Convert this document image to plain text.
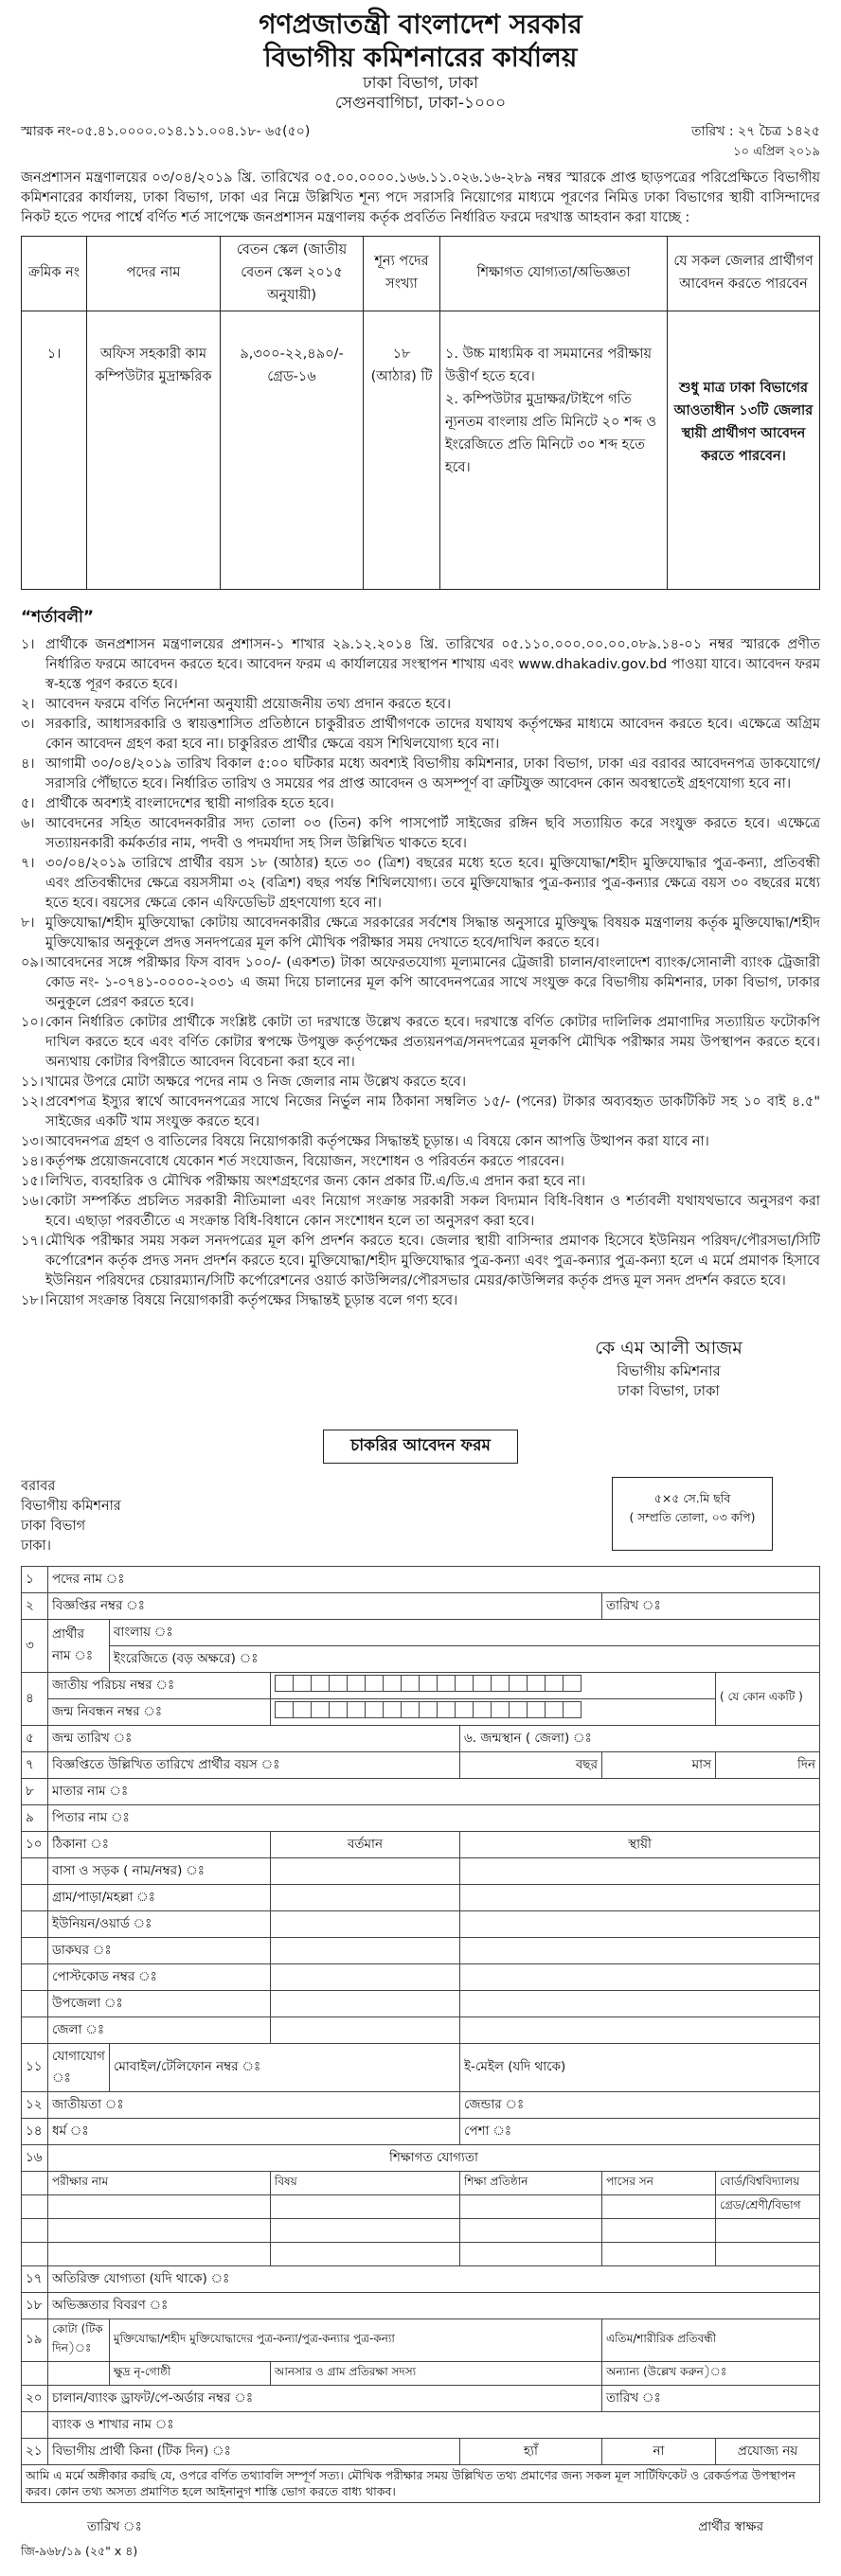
গণপ্রজাতন্ত্রী বাংলাদেশ সরকার
বিভাগীয় কমিশনারের কার্যালয়
ঢাকা বিভাগ, ঢাকা
সেগুনবাগিচা, ঢাকা-১০০০
স্মারক নং-০৫.৪১.০০০০.০১৪.১১.০০৪.১৮- ৬৫(৫০)	তারিখ : ২৭ চৈত্র ১৪২৫
১০ এপ্রিল ২০১৯
জনপ্রশাসন মন্ত্রণালয়ের ০৩/০৪/২০১৯ খ্রি. তারিখের ০৫.০০.০০০০.১৬৬.১১.০২৬.১৬-২৮৯ নম্বর স্মারকে প্রাপ্ত ছাড়পত্রের পরিপ্রেক্ষিতে বিভাগীয় কমিশনারের কার্যালয়, ঢাকা বিভাগ, ঢাকা এর নিম্নে উল্লিখিত শূন্য পদে সরাসরি নিয়োগের মাধ্যমে পূরণের নিমিত্ত ঢাকা বিভাগের স্থায়ী বাসিন্দাদের নিকট হতে পদের পার্শ্বে বর্ণিত শর্ত সাপেক্ষে জনপ্রশাসন মন্ত্রণালয় কর্তৃক প্রবর্তিত নির্ধারিত ফরমে দরখাস্ত আহবান করা যাচ্ছে :
ক্রমিক নং	পদের নাম	বেতন স্কেল (জাতীয় বেতন স্কেল ২০১৫ অনুযায়ী)	শূন্য পদের সংখ্যা	শিক্ষাগত যোগ্যতা/অভিজ্ঞতা	যে সকল জেলার প্রার্থীগণ আবেদন করতে পারবেন
১।	অফিস সহকারী কাম কম্পিউটার মুদ্রাক্ষরিক	৯,৩০০-২২,৪৯০/- গ্রেড-১৬	১৮ (আঠার) টি	১. উচ্চ মাধ্যমিক বা সমমানের পরীক্ষায় উত্তীর্ণ হতে হবে।
২. কম্পিউটার মুদ্রাক্ষর/টাইপে গতি ন্যূনতম বাংলায় প্রতি মিনিটে ২০ শব্দ ও ইংরেজিতে প্রতি মিনিটে ৩০ শব্দ হতে হবে।	শুধু মাত্র ঢাকা বিভাগের আওতাধীন ১৩টি জেলার স্থায়ী প্রার্থীগণ আবেদন করতে পারবেন।
“শর্তাবলী”
১। প্রার্থীকে জনপ্রশাসন মন্ত্রণালয়ের প্রশাসন-১ শাখার ২৯.১২.২০১৪ খ্রি. তারিখের ০৫.১১০.০০০.০০.০০.০৮৯.১৪-০১ নম্বর স্মারকে প্রণীত নির্ধারিত ফরমে আবেদন করতে হবে। আবেদন ফরম এ কার্যালয়ের সংস্থাপন শাখায় এবং www.dhakadiv.gov.bd পাওয়া যাবে। আবেদন ফরম স্ব-হস্তে পূরণ করতে হবে।
২। আবেদন ফরমে বর্ণিত নির্দেশনা অনুযায়ী প্রয়োজনীয় তথ্য প্রদান করতে হবে।
৩। সরকারি, আধাসরকারি ও স্বায়ত্তশাসিত প্রতিষ্ঠানে চাকুরীরত প্রার্থীগণকে তাদের যথাযথ কর্তৃপক্ষের মাধ্যমে আবেদন করতে হবে। এক্ষেত্রে অগ্রিম কোন আবেদন গ্রহণ করা হবে না। চাকুরিরত প্রার্থীর ক্ষেত্রে বয়স শিথিলযোগ্য হবে না।
৪। আগামী ৩০/০৪/২০১৯ তারিখ বিকাল ৫:০০ ঘটিকার মধ্যে অবশ্যই বিভাগীয় কমিশনার, ঢাকা বিভাগ, ঢাকা এর বরাবর আবেদনপত্র ডাকযোগে/সরাসরি পৌঁছাতে হবে। নির্ধারিত তারিখ ও সময়ের পর প্রাপ্ত আবেদন ও অসম্পূর্ণ বা ত্রুটিযুক্ত আবেদন কোন অবস্থাতেই গ্রহণযোগ্য হবে না।
৫। প্রার্থীকে অবশ্যই বাংলাদেশের স্থায়ী নাগরিক হতে হবে।
৬। আবেদনের সহিত আবেদনকারীর সদ্য তোলা ০৩ (তিন) কপি পাসপোর্ট সাইজের রঙ্গিন ছবি সত্যায়িত করে সংযুক্ত করতে হবে। এক্ষেত্রে সত্যায়নকারী কর্মকর্তার নাম, পদবী ও পদমর্যাদা সহ সিল উল্লিখিত থাকতে হবে।
৭। ৩০/০৪/২০১৯ তারিখে প্রার্থীর বয়স ১৮ (আঠার) হতে ৩০ (ত্রিশ) বছরের মধ্যে হতে হবে। মুক্তিযোদ্ধা/শহীদ মুক্তিযোদ্ধার পুত্র-কন্যা, প্রতিবন্ধী এবং প্রতিবন্ধীদের ক্ষেত্রে বয়সসীমা ৩২ (বত্রিশ) বছর পর্যন্ত শিথিলযোগ্য। তবে মুক্তিযোদ্ধার পুত্র-কন্যার পুত্র-কন্যার ক্ষেত্রে বয়স ৩০ বছরের মধ্যে হতে হবে। বয়সের ক্ষেত্রে কোন এফিডেভিট গ্রহণযোগ্য হবে না।
৮। মুক্তিযোদ্ধা/শহীদ মুক্তিযোদ্ধা কোটায় আবেদনকারীর ক্ষেত্রে সরকারের সর্বশেষ সিদ্ধান্ত অনুসারে মুক্তিযুদ্ধ বিষয়ক মন্ত্রণালয় কর্তৃক মুক্তিযোদ্ধা/শহীদ মুক্তিযোদ্ধার অনুকূলে প্রদত্ত সনদপত্রের মূল কপি মৌখিক পরীক্ষার সময় দেখাতে হবে/দাখিল করতে হবে।
০৯। আবেদনের সঙ্গে পরীক্ষার ফিস বাবদ ১০০/- (একশত) টাকা অফেরতযোগ্য মূল্যমানের ট্রেজারী চালান/বাংলাদেশ ব্যাংক/সোনালী ব্যাংক ট্রেজারী কোড নং- ১-০৭৪১-০০০০-২০৩১ এ জমা দিয়ে চালানের মূল কপি আবেদনপত্রের সাথে সংযুক্ত করে বিভাগীয় কমিশনার, ঢাকা বিভাগ, ঢাকার অনুকূলে প্রেরণ করতে হবে।
১০। কোন নির্ধারিত কোটার প্রার্থীকে সংশ্লিষ্ট কোটা তা দরখাস্তে উল্লেখ করতে হবে। দরখাস্তে বর্ণিত কোটার দালিলিক প্রমাণাদির সত্যায়িত ফটোকপি দাখিল করতে হবে এবং বর্ণিত কোটার স্বপক্ষে উপযুক্ত কর্তৃপক্ষের প্রত্যয়নপত্র/সনদপত্রের মূলকপি মৌখিক পরীক্ষার সময় উপস্থাপন করতে হবে। অন্যথায় কোটার বিপরীতে আবেদন বিবেচনা করা হবে না।
১১। খামের উপরে মোটা অক্ষরে পদের নাম ও নিজ জেলার নাম উল্লেখ করতে হবে।
১২। প্রবেশপত্র ইস্যুর স্বার্থে আবেদনপত্রের সাথে নিজের নির্ভুল নাম ঠিকানা সম্বলিত ১৫/- (পনের) টাকার অব্যবহৃত ডাকটিকিট সহ ১০ বাই ৪.৫" সাইজের একটি খাম সংযুক্ত করতে হবে।
১৩। আবেদনপত্র গ্রহণ ও বাতিলের বিষয়ে নিয়োগকারী কর্তৃপক্ষের সিদ্ধান্তই চূড়ান্ত। এ বিষয়ে কোন আপত্তি উত্থাপন করা যাবে না।
১৪। কর্তৃপক্ষ প্রয়োজনবোধে যেকোন শর্ত সংযোজন, বিয়োজন, সংশোধন ও পরিবর্তন করতে পারবেন।
১৫। লিখিত, ব্যবহারিক ও মৌখিক পরীক্ষায় অংশগ্রহণের জন্য কোন প্রকার টি.এ/ডি.এ প্রদান করা হবে না।
১৬। কোটা সম্পর্কিত প্রচলিত সরকারী নীতিমালা এবং নিয়োগ সংক্রান্ত সরকারী সকল বিদ্যমান বিধি-বিধান ও শর্তাবলী যথাযথভাবে অনুসরণ করা হবে। এছাড়া পরবর্তীতে এ সংক্রান্ত বিধি-বিধানে কোন সংশোধন হলে তা অনুসরণ করা হবে।
১৭। মৌখিক পরীক্ষার সময় সকল সনদপত্রের মূল কপি প্রদর্শন করতে হবে। জেলার স্থায়ী বাসিন্দার প্রমাণক হিসেবে ইউনিয়ন পরিষদ/পৌরসভা/সিটি কর্পোরেশন কর্তৃক প্রদত্ত সনদ প্রদর্শন করতে হবে। মুক্তিযোদ্ধা/শহীদ মুক্তিযোদ্ধার পুত্র-কন্যা এবং পুত্র-কন্যার পুত্র-কন্যা হলে এ মর্মে প্রমাণক হিসাবে ইউনিয়ন পরিষদের চেয়ারম্যান/সিটি কর্পোরেশনের ওয়ার্ড কাউন্সিলর/পৌরসভার মেয়র/কাউন্সিলর কর্তৃক প্রদত্ত মূল সনদ প্রদর্শন করতে হবে।
১৮। নিয়োগ সংক্রান্ত বিষয়ে নিয়োগকারী কর্তৃপক্ষের সিদ্ধান্তই চূড়ান্ত বলে গণ্য হবে।
কে এম আলী আজম
বিভাগীয় কমিশনার
ঢাকা বিভাগ, ঢাকা
চাকরির আবেদন ফরম
বরাবর
বিভাগীয় কমিশনার
ঢাকা বিভাগ
ঢাকা।
৫×৫ সে.মি ছবি
( সম্প্রতি তোলা, ০৩ কপি)
১	পদের নাম ঃ					
২	বিজ্ঞপ্তির নম্বর ঃ				তারিখ ঃ	
৩	প্রার্থীর নাম ঃ	বাংলায় ঃ				
		ইংরেজিতে (বড় অক্ষরে) ঃ				
৪	জাতীয় পরিচয় নম্বর ঃ					( যে কোন একটি )
	জন্ম নিবন্ধন নম্বর ঃ					

৫	জন্ম তারিখ ঃ			৬. জন্মস্থান ( জেলা) ঃ		
৭	বিজ্ঞপ্তিতে উল্লিখিত তারিখে প্রার্থীর বয়স ঃ			বছর	মাস	দিন
৮	মাতার নাম ঃ					
৯	পিতার নাম ঃ					
১০	ঠিকানা ঃ		বর্তমান	স্থায়ী		
	বাসা ও সড়ক ( নাম/নম্বর) ঃ					
	গ্রাম/পাড়া/মহল্লা ঃ					
	ইউনিয়ন/ওয়ার্ড ঃ					
	ডাকঘর ঃ					
	পোস্টকোড নম্বর ঃ					
	উপজেলা ঃ					
	জেলা ঃ					
১১	যোগাযোগ ঃ	মোবাইল/টেলিফোন নম্বর ঃ		ই-মেইল (যদি থাকে)		
১২	জাতীয়তা ঃ			জেন্ডার ঃ		
১৪	ধর্ম ঃ			পেশা ঃ		
১৬	শিক্ষাগত যোগ্যতা					
	পরীক্ষার নাম		বিষয়	শিক্ষা প্রতিষ্ঠান	পাসের সন	বোর্ড/বিশ্ববিদ্যালয়
						গ্রেড/শ্রেণী/বিভাগ

১৭	অতিরিক্ত যোগ্যতা (যদি থাকে) ঃ					
১৮	অভিজ্ঞতার বিবরণ ঃ					
১৯	কোটা (টিক দিন)ঃ	মুক্তিযোদ্ধা/শহীদ মুক্তিযোদ্ধাদের পুত্র-কন্যা/পুত্র-কন্যার পুত্র-কন্যা			এতিম/শারীরিক প্রতিবন্ধী	
		ক্ষুদ্র নৃ-গোষ্ঠী	আনসার ও গ্রাম প্রতিরক্ষা সদস্য		অন্যান্য (উল্লেখ করুন)ঃ	
২০	চালান/ব্যাংক ড্রাফট/পে-অর্ডার নম্বর ঃ				তারিখ ঃ	
	ব্যাংক ও শাখার নাম ঃ					
২১	বিভাগীয় প্রার্থী কিনা (টিক দিন) ঃ			হ্যাঁ	না	প্রযোজ্য নয়
আমি এ মর্মে অঙ্গীকার করছি যে, ওপরে বর্ণিত তথ্যাবলি সম্পূর্ণ সত্য। মৌখিক পরীক্ষার সময় উল্লিখিত তথ্য প্রমাণের জন্য সকল মূল সার্টিফিকেট ও রেকর্ডপত্র উপস্থাপন করব। কোন তথ্য অসত্য প্রমাণিত হলে আইনানুগ শাস্তি ভোগ করতে বাধ্য থাকব।						
তারিখ ঃ	প্রার্থীর স্বাক্ষর
জি-৯৬৮/১৯ (২৫" x ৪)
